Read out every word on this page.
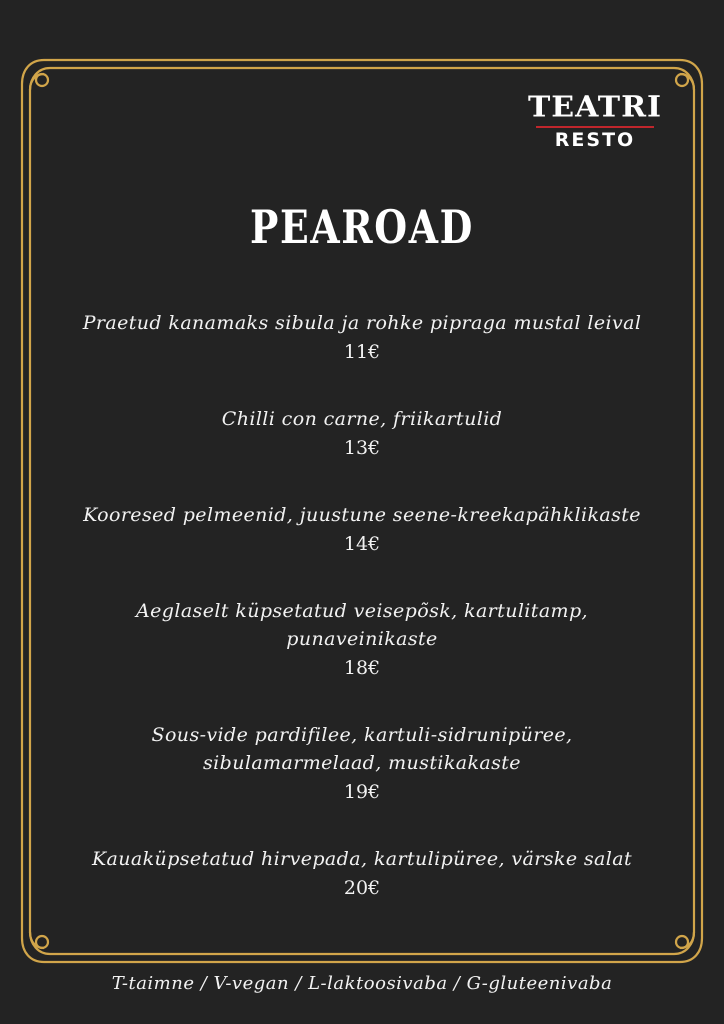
TEATRI
RESTO
PEAROAD
Praetud kanamaks sibula ja rohke pipraga mustal leival
11€
Chilli con carne, friikartulid
13€
Kooresed pelmeenid, juustune seene-kreekapähklikaste
14€
Aeglaselt küpsetatud veisepõsk, kartulitamp,
punaveinikaste
18€
Sous-vide pardifilee, kartuli-sidrunipüree,
sibulamarmelaad, mustikakaste
19€
Kauaküpsetatud hirvepada, kartulipüree, värske salat
20€
T-taimne / V-vegan / L-laktoosivaba / G-gluteenivaba
